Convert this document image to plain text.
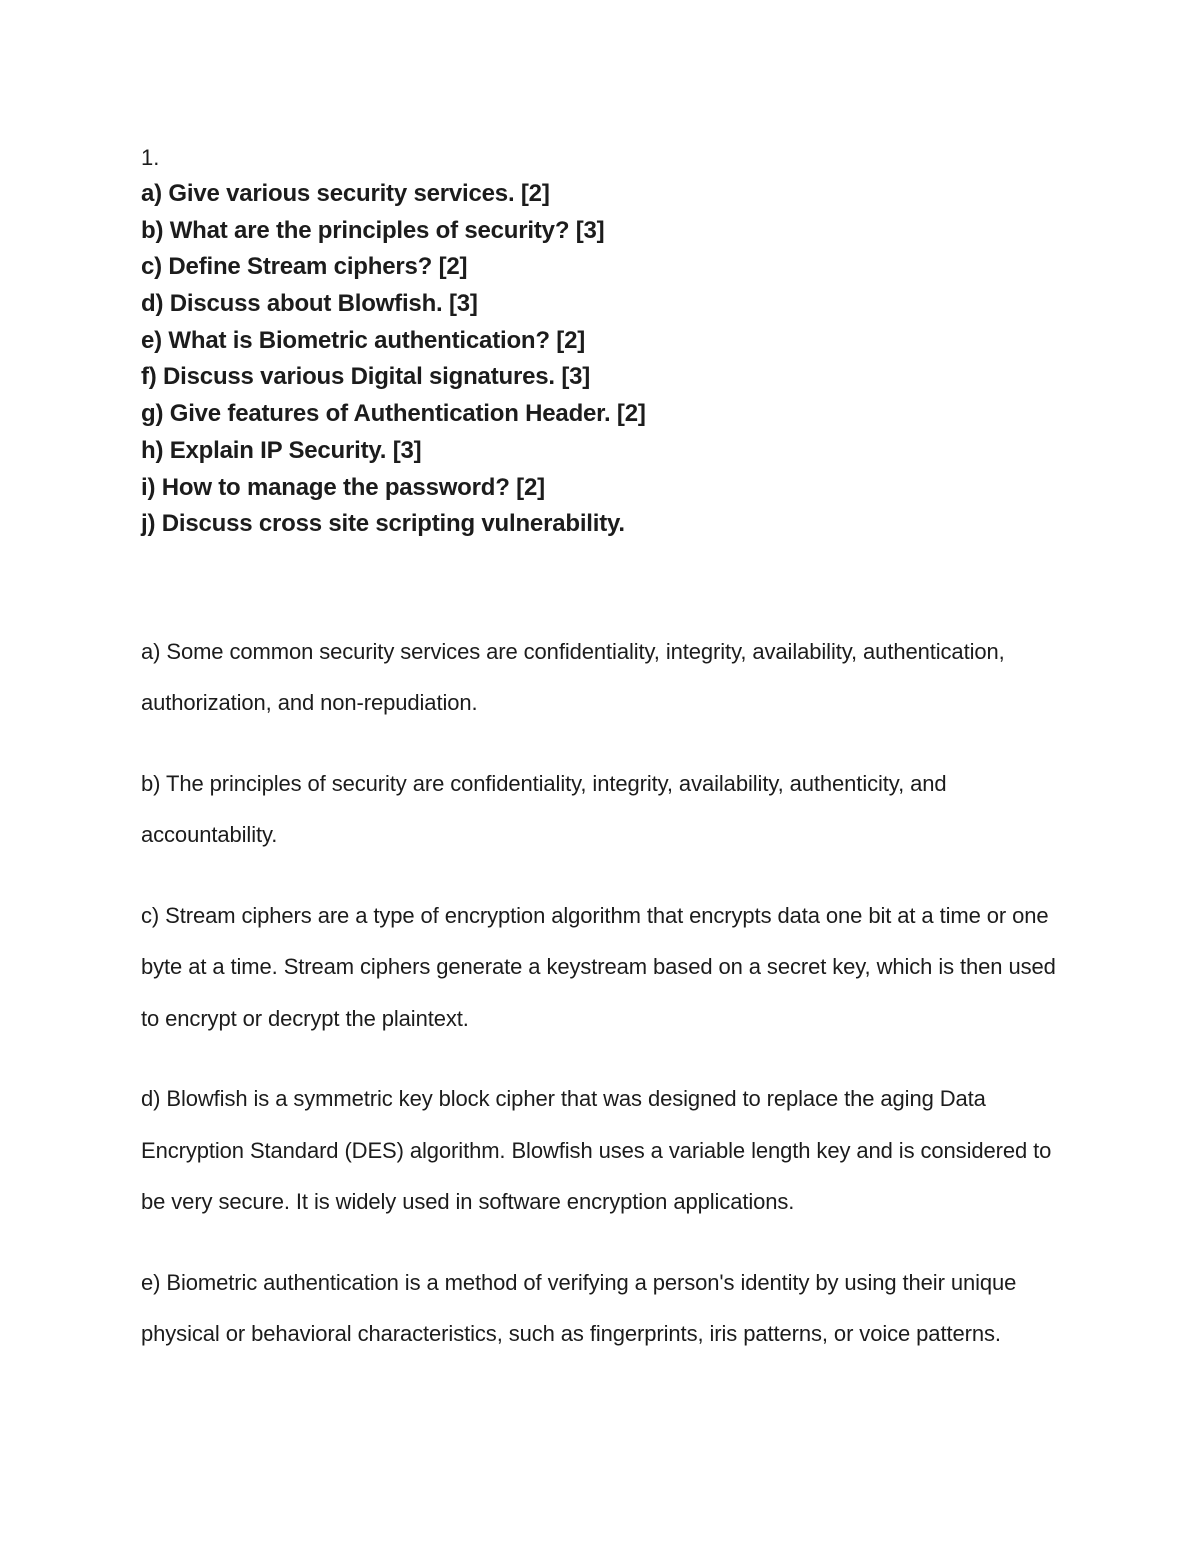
1.

a) Give various security services. [2]
b) What are the principles of security? [3]
c) Define Stream ciphers? [2]
d) Discuss about Blowfish. [3]
e) What is Biometric authentication? [2]
f) Discuss various Digital signatures. [3]
g) Give features of Authentication Header. [2]
h) Explain IP Security. [3]
i) How to manage the password? [2]
j) Discuss cross site scripting vulnerability.

a) Some common security services are confidentiality, integrity, availability, authentication, authorization, and non-repudiation.

b) The principles of security are confidentiality, integrity, availability, authenticity, and accountability.

c) Stream ciphers are a type of encryption algorithm that encrypts data one bit at a time or one byte at a time. Stream ciphers generate a keystream based on a secret key, which is then used to encrypt or decrypt the plaintext.

d) Blowfish is a symmetric key block cipher that was designed to replace the aging Data Encryption Standard (DES) algorithm. Blowfish uses a variable length key and is considered to be very secure. It is widely used in software encryption applications.

e) Biometric authentication is a method of verifying a person's identity by using their unique physical or behavioral characteristics, such as fingerprints, iris patterns, or voice patterns.
